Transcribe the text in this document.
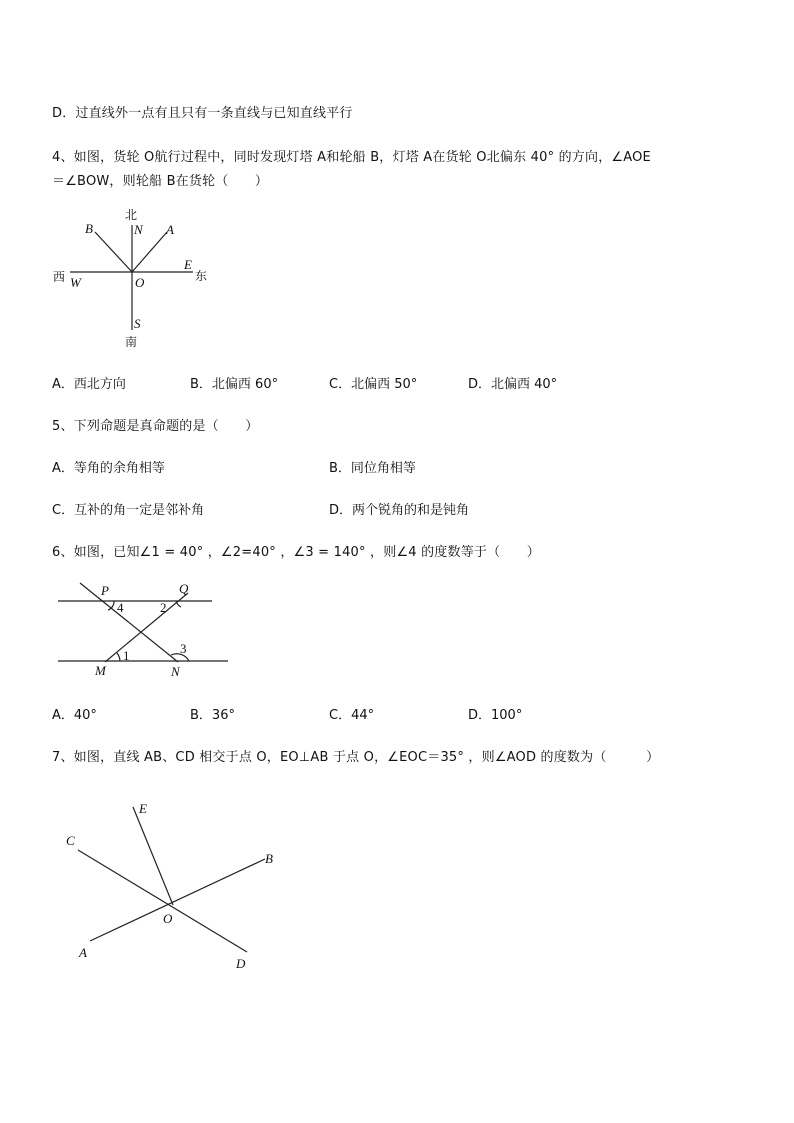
D．过直线外一点有且只有一条直线与已知直线平行
4、如图，货轮 O航行过程中，同时发现灯塔 A和轮船 B，灯塔 A在货轮 O北偏东 40° 的方向，∠AOE
＝∠BOW，则轮船 B在货轮（　　）
北
N A
B
西 W	O
E
东
S
南
A．西北方向	B．北偏西 60°	C．北偏西 50°	D．北偏西 40°
5、下列命题是真命题的是（　　）
A．等角的余角相等	B．同位角相等
C．互补的角一定是邻补角	D．两个锐角的和是钝角
6、如图，已知∠1 = 40° ，∠2=40° ，∠3 = 140° ，则∠4 的度数等于（　　）
P	Q
4	2
1	3
M	N
A．40°	B．36°	C．44°	D．100°
7、如图，直线 AB、CD 相交于点 O，EO⊥AB 于点 O，∠EOC＝35° ，则∠AOD 的度数为（　　　）
E
C
B
O
A
D
